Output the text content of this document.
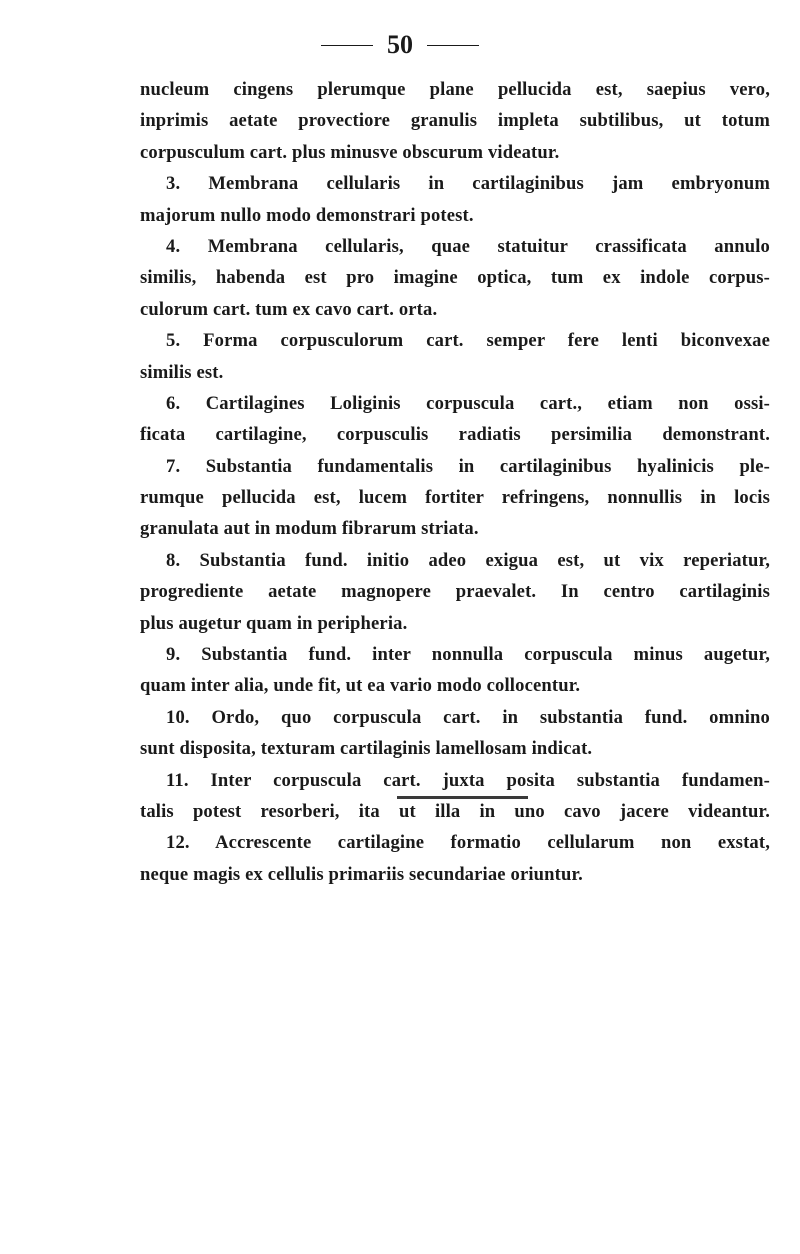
50
nucleum cingens plerumque plane pellucida est, saepius vero,
inprimis aetate provectiore granulis impleta subtilibus, ut totum
corpusculum cart. plus minusve obscurum videatur.
3. Membrana cellularis in cartilaginibus jam embryonum
majorum nullo modo demonstrari potest.
4. Membrana cellularis, quae statuitur crassificata annulo
similis, habenda est pro imagine optica, tum ex indole corpus-
culorum cart. tum ex cavo cart. orta.
5. Forma corpusculorum cart. semper fere lenti biconvexae
similis est.
6. Cartilagines Loliginis corpuscula cart., etiam non ossi-
ficata cartilagine, corpusculis radiatis persimilia demonstrant.
7. Substantia fundamentalis in cartilaginibus hyalinicis ple-
rumque pellucida est, lucem fortiter refringens, nonnullis in locis
granulata aut in modum fibrarum striata.
8. Substantia fund. initio adeo exigua est, ut vix reperiatur,
progrediente aetate magnopere praevalet. In centro cartilaginis
plus augetur quam in peripheria.
9. Substantia fund. inter nonnulla corpuscula minus augetur,
quam inter alia, unde fit, ut ea vario modo collocentur.
10. Ordo, quo corpuscula cart. in substantia fund. omnino
sunt disposita, texturam cartilaginis lamellosam indicat.
11. Inter corpuscula cart. juxta posita substantia fundamen-
talis potest resorberi, ita ut illa in uno cavo jacere videantur.
12. Accrescente cartilagine formatio cellularum non exstat,
neque magis ex cellulis primariis secundariae oriuntur.
